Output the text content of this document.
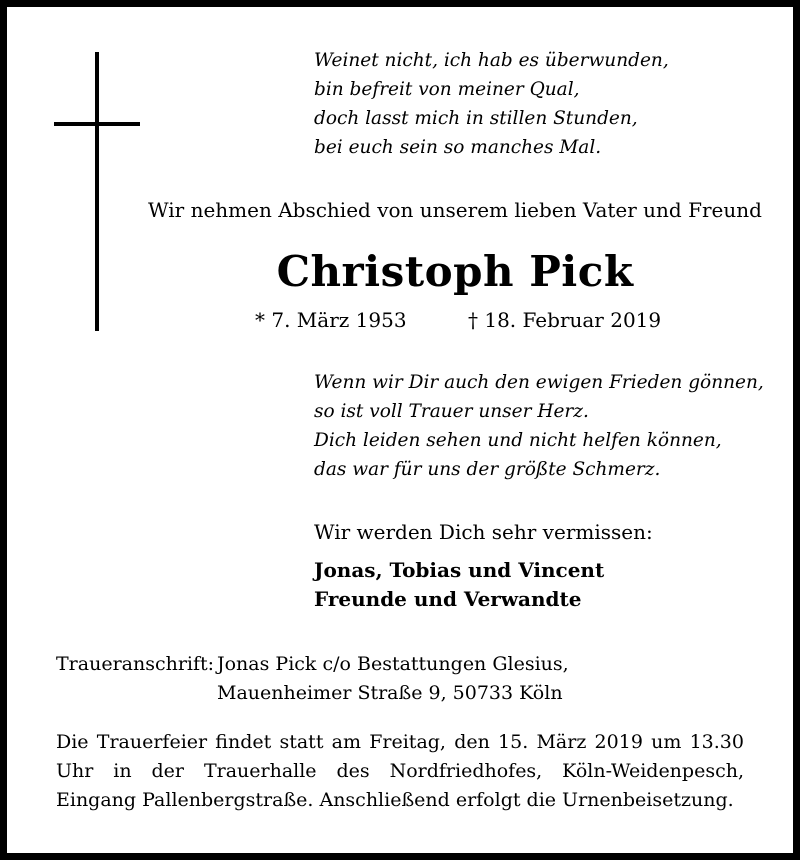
Weinet nicht, ich hab es überwunden,
bin befreit von meiner Qual,
doch lasst mich in stillen Stunden,
bei euch sein so manches Mal.
Wir nehmen Abschied von unserem lieben Vater und Freund
Christoph Pick
* 7. März 1953	† 18. Februar 2019
Wenn wir Dir auch den ewigen Frieden gönnen,
so ist voll Trauer unser Herz.
Dich leiden sehen und nicht helfen können,
das war für uns der größte Schmerz.
Wir werden Dich sehr vermissen:
Jonas, Tobias und Vincent
Freunde und Verwandte
Traueranschrift: Jonas Pick c/o Bestattungen Glesius,
Mauenheimer Straße 9, 50733 Köln
Die Trauerfeier findet statt am Freitag, den 15. März 2019 um 13.30 Uhr in der Trauerhalle des Nordfriedhofes, Köln-Weidenpesch, Eingang Pallenbergstraße. Anschließend erfolgt die Urnenbeisetzung.
